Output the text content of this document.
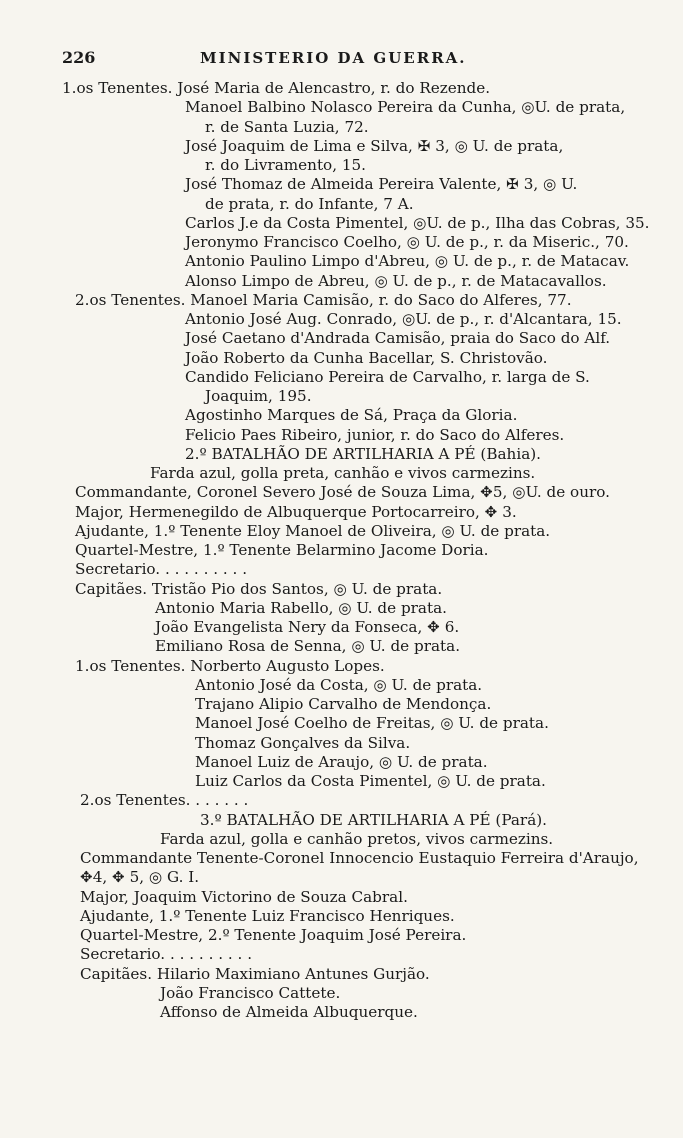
226	MINISTERIO DA GUERRA.
1.os Tenentes. José Maria de Alencastro, r. do Rezende.
Manoel Balbino Nolasco Pereira da Cunha, ◎U. de prata,
r. de Santa Luzia, 72.
José Joaquim de Lima e Silva, ✠ 3, ◎ U. de prata,
r. do Livramento, 15.
José Thomaz de Almeida Pereira Valente, ✠ 3, ◎ U.
de prata, r. do Infante, 7 A.
Carlos J.e da Costa Pimentel, ◎U. de p., Ilha das Cobras, 35.
Jeronymo Francisco Coelho, ◎ U. de p., r. da Miseric., 70.
Antonio Paulino Limpo d'Abreu, ◎ U. de p., r. de Matacav.
Alonso Limpo de Abreu, ◎ U. de p., r. de Matacavallos.
2.os Tenentes. Manoel Maria Camisão, r. do Saco do Alferes, 77.
Antonio José Aug. Conrado, ◎U. de p., r. d'Alcantara, 15.
José Caetano d'Andrada Camisão, praia do Saco do Alf.
João Roberto da Cunha Bacellar, S. Christovão.
Candido Feliciano Pereira de Carvalho, r. larga de S.
Joaquim, 195.
Agostinho Marques de Sá, Praça da Gloria.
Felicio Paes Ribeiro, junior, r. do Saco do Alferes.
2.º BATALHÃO DE ARTILHARIA A PÉ (Bahia).
Farda azul, golla preta, canhão e vivos carmezins.
Commandante, Coronel Severo José de Souza Lima, ✥5, ◎U. de ouro.
Major, Hermenegildo de Albuquerque Portocarreiro, ✥ 3.
Ajudante, 1.º Tenente Eloy Manoel de Oliveira, ◎ U. de prata.
Quartel-Mestre, 1.º Tenente Belarmino Jacome Doria.
Secretario. . . . . . . . . .
Capitães. Tristão Pio dos Santos, ◎ U. de prata.
Antonio Maria Rabello, ◎ U. de prata.
João Evangelista Nery da Fonseca, ✥ 6.
Emiliano Rosa de Senna, ◎ U. de prata.
1.os Tenentes. Norberto Augusto Lopes.
Antonio José da Costa, ◎ U. de prata.
Trajano Alipio Carvalho de Mendonça.
Manoel José Coelho de Freitas, ◎ U. de prata.
Thomaz Gonçalves da Silva.
Manoel Luiz de Araujo, ◎ U. de prata.
Luiz Carlos da Costa Pimentel, ◎ U. de prata.
2.os Tenentes. . . . . . .
3.º BATALHÃO DE ARTILHARIA A PÉ (Pará).
Farda azul, golla e canhão pretos, vivos carmezins.
Commandante Tenente-Coronel Innocencio Eustaquio Ferreira d'Araujo,
✥4, ✥ 5, ◎ G. I.
Major, Joaquim Victorino de Souza Cabral.
Ajudante, 1.º Tenente Luiz Francisco Henriques.
Quartel-Mestre, 2.º Tenente Joaquim José Pereira.
Secretario. . . . . . . . . .
Capitães. Hilario Maximiano Antunes Gurjão.
João Francisco Cattete.
Affonso de Almeida Albuquerque.
